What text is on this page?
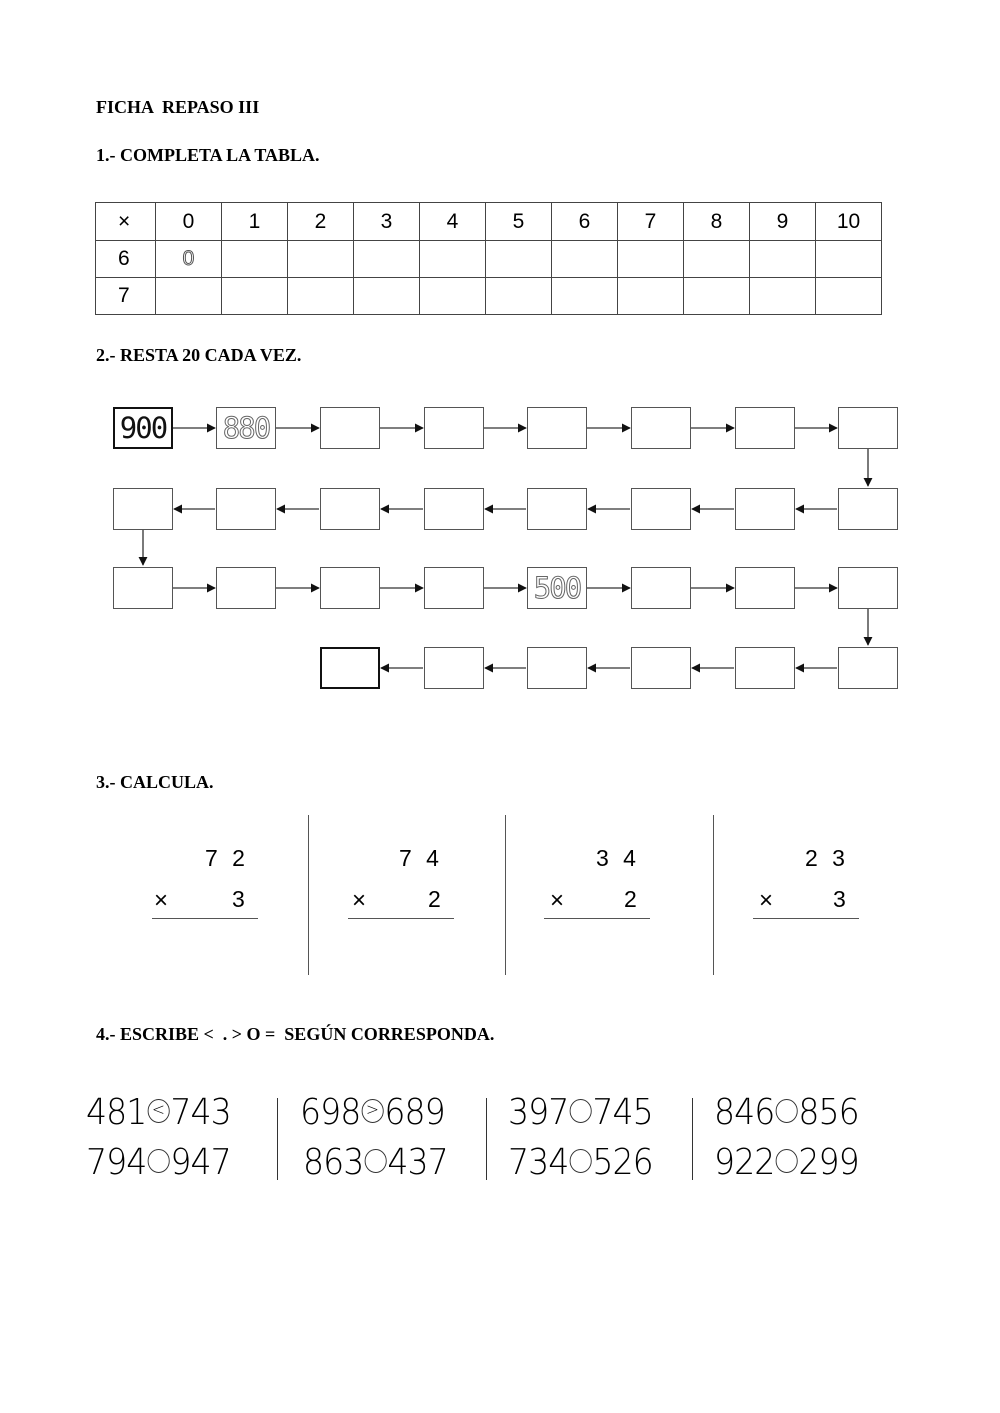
FICHA  REPASO III
1.- COMPLETA LA TABLA.
×	0	1	2	3	4	5	6	7	8	9	10
6	0										
7											
2.- RESTA 20 CADA VEZ.
900 880
500
3.- CALCULA.
7 2
×	3
7 4
×	2
3 4
×	2
2 3
×	3
4.- ESCRIBE <  . > O =  SEGÚN CORRESPONDA.
481 < 743
794 947
698 > 689
863 437
397 745
734 526
846 856
922 299
